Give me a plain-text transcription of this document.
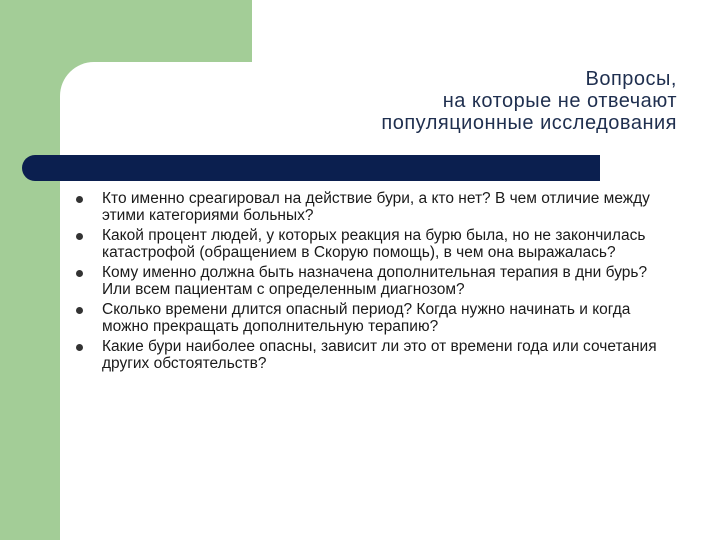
Вопросы,
на которые не отвечают
популяционные исследования
Кто именно среагировал на действие бури, а кто нет? В чем отличие между этими категориями больных?
Какой процент людей, у которых реакция на бурю была, но не закончилась катастрофой (обращением в Скорую помощь), в чем она выражалась?
Кому именно должна быть назначена дополнительная терапия в дни бурь? Или всем пациентам с определенным диагнозом?
Сколько времени длится опасный период? Когда нужно начинать и когда можно прекращать дополнительную терапию?
Какие бури наиболее опасны, зависит ли это от времени года или сочетания других обстоятельств?
